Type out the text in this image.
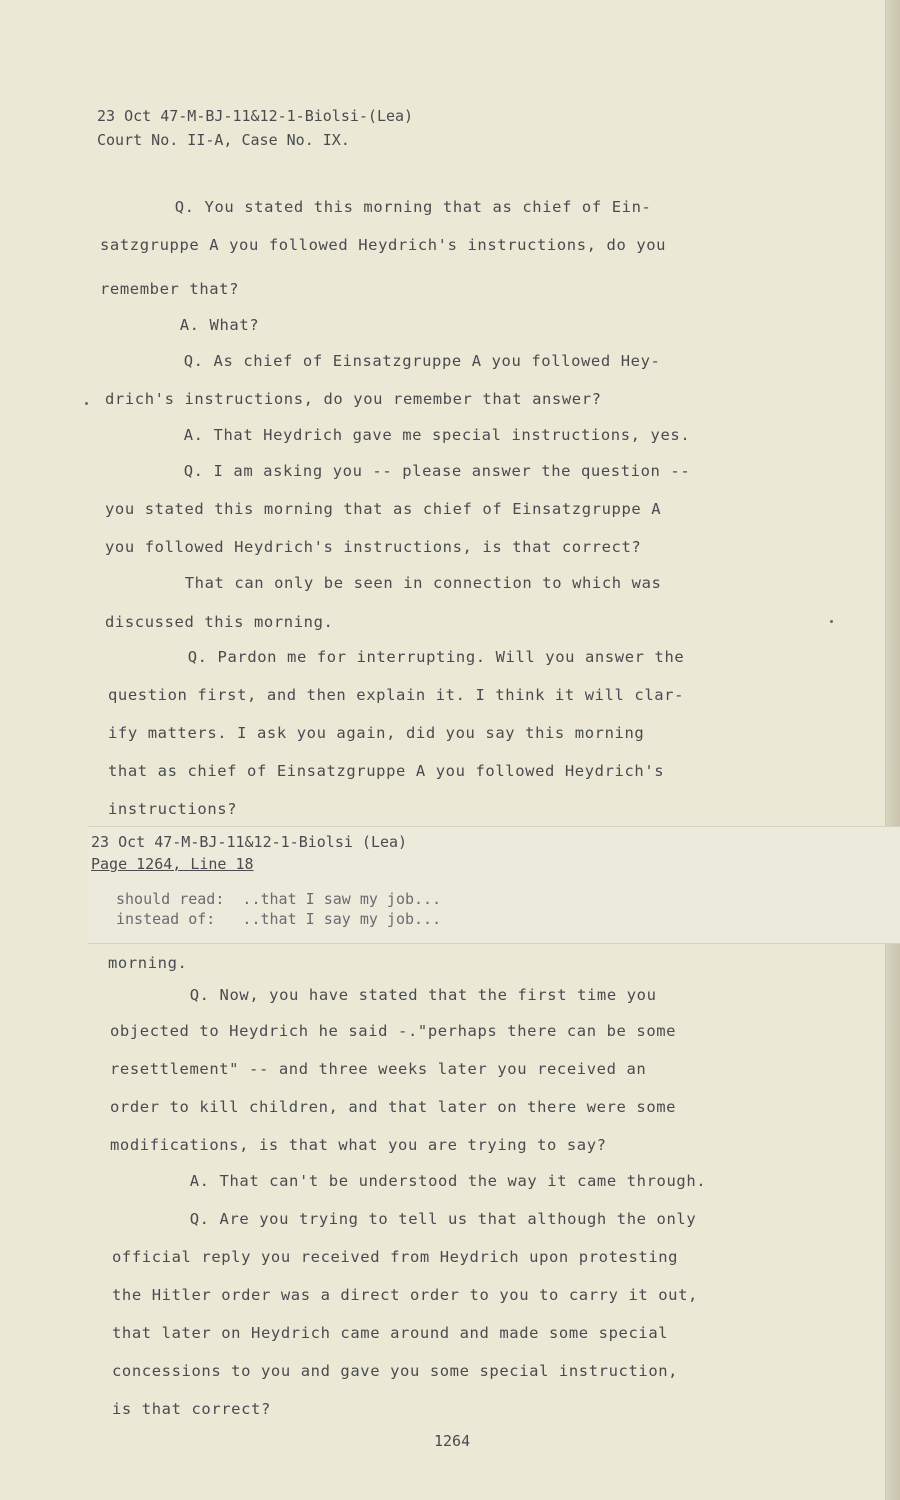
23 Oct 47-M-BJ-11&12-1-Biolsi-(Lea)
Court No. II-A, Case No. IX.
Q. You stated this morning that as chief of Ein-
satzgruppe A you followed Heydrich's instructions, do you
remember that?
A. What?
Q. As chief of Einsatzgruppe A you followed Hey-
drich's instructions, do you remember that answer?
A. That Heydrich gave me special instructions, yes.
Q. I am asking you -- please answer the question --
you stated this morning that as chief of Einsatzgruppe A
you followed Heydrich's instructions, is that correct?
That can only be seen in connection to which was
discussed this morning.
Q. Pardon me for interrupting. Will you answer the
question first, and then explain it. I think it will clar-
ify matters. I ask you again, did you say this morning
that as chief of Einsatzgruppe A you followed Heydrich's
instructions?
23 Oct 47-M-BJ-11&12-1-Biolsi (Lea)
Page 1264, Line 18
should read:  ..that I saw my job...
instead of:   ..that I say my job...
morning.
Q. Now, you have stated that the first time you
objected to Heydrich he said -."perhaps there can be some
resettlement" -- and three weeks later you received an
order to kill children, and that later on there were some
modifications, is that what you are trying to say?
A. That can't be understood the way it came through.
Q. Are you trying to tell us that although the only
official reply you received from Heydrich upon protesting
the Hitler order was a direct order to you to carry it out,
that later on Heydrich came around and made some special
concessions to you and gave you some special instruction,
is that correct?
1264
